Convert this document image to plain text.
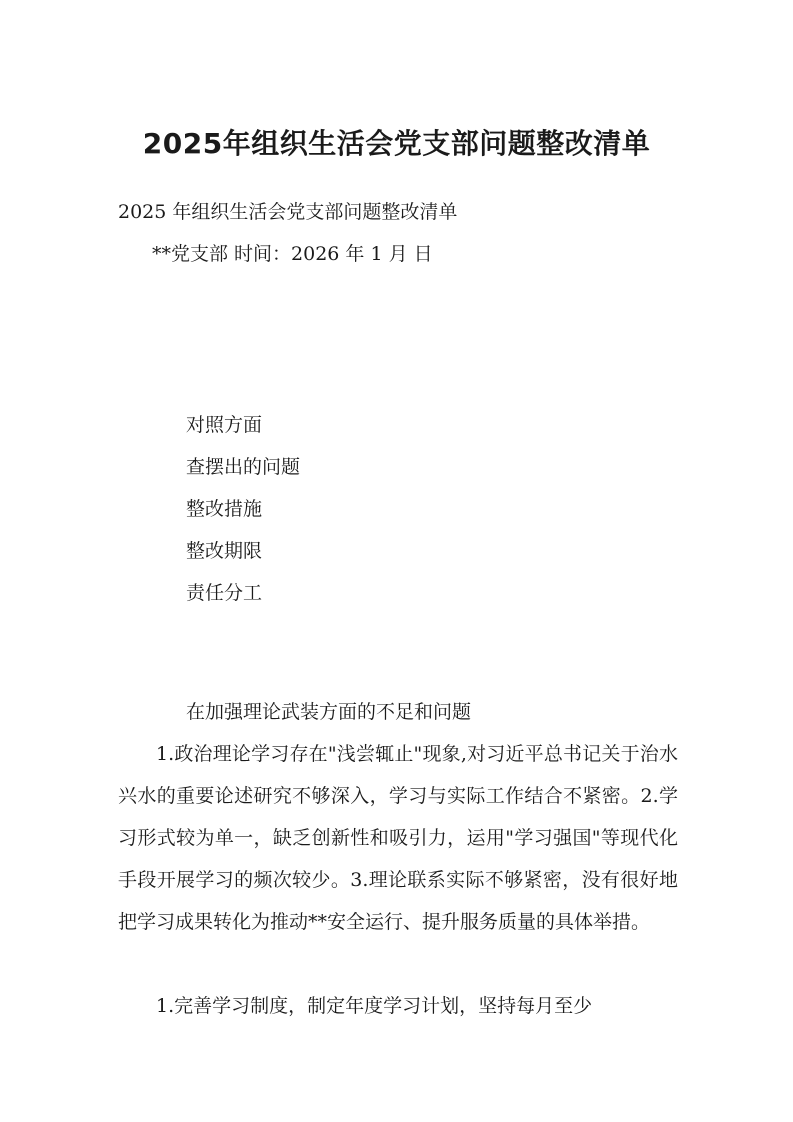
2025年组织生活会党支部问题整改清单

2025 年组织生活会党支部问题整改清单

**党支部 时间：2026 年 1 月 日

对照方面
查摆出的问题
整改措施
整改期限
责任分工

在加强理论武装方面的不足和问题

1.政治理论学习存在"浅尝辄止"现象,对习近平总书记关于治水兴水的重要论述研究不够深入，学习与实际工作结合不紧密。2.学习形式较为单一，缺乏创新性和吸引力，运用"学习强国"等现代化手段开展学习的频次较少。3.理论联系实际不够紧密，没有很好地把学习成果转化为推动**安全运行、提升服务质量的具体举措。

1.完善学习制度，制定年度学习计划，坚持每月至少
